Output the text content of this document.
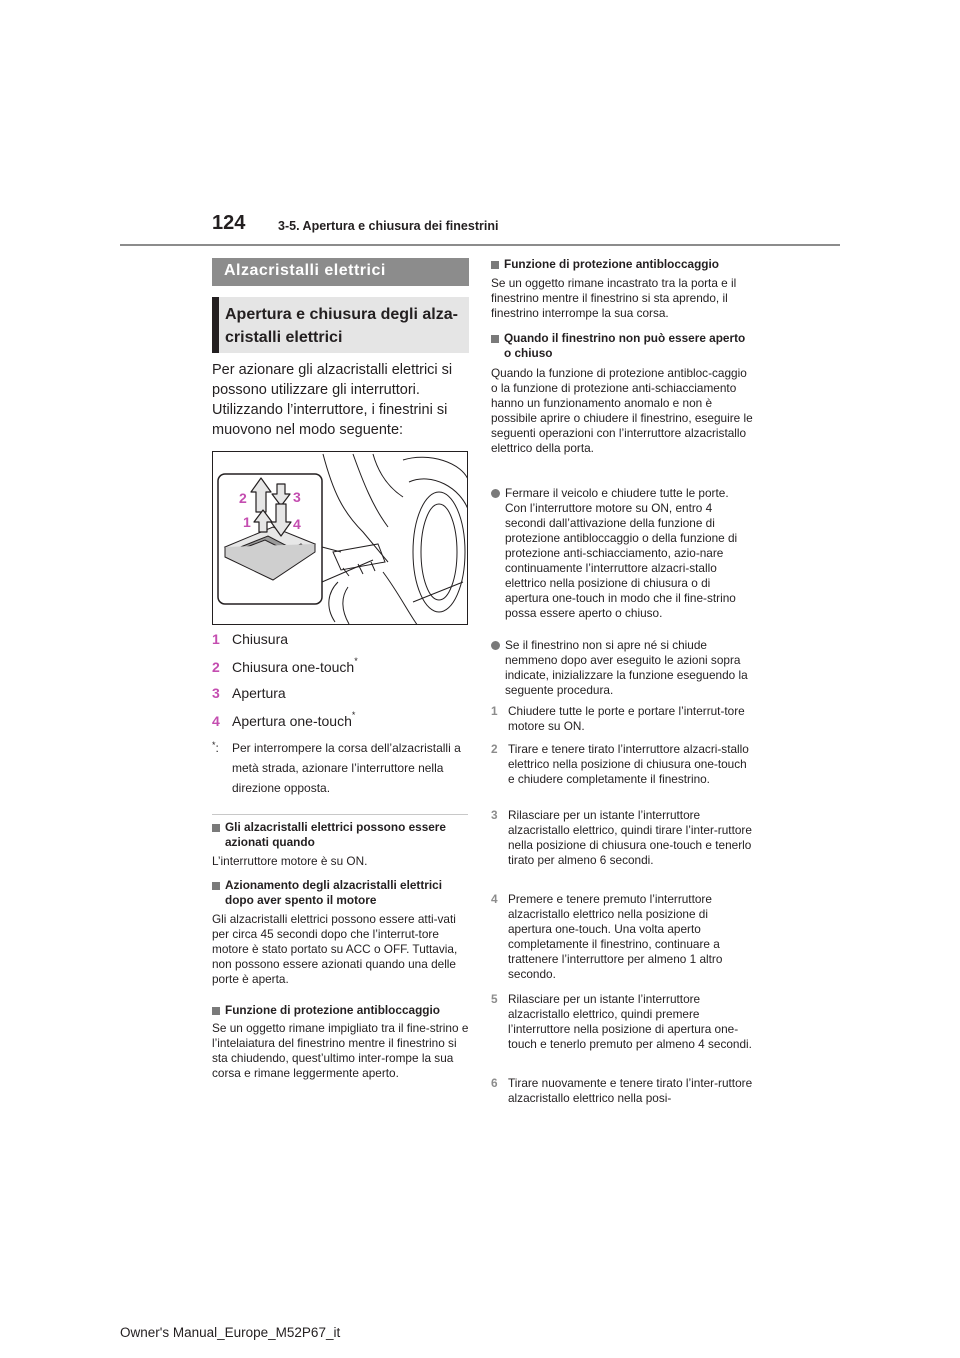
124	3-5. Apertura e chiusura dei finestrini
Alzacristalli elettrici
Apertura e chiusura degli alza-cristalli elettrici
Per azionare gli alzacristalli elettrici si possono utilizzare gli interruttori. Utilizzando l’interruttore, i finestrini si muovono nel modo seguente:
2
1
3
4
1 Chiusura
2 Chiusura one-touch*
3 Apertura
4 Apertura one-touch*
*:	Per interrompere la corsa dell’alzacristalli a metà strada, azionare l’interruttore nella direzione opposta.
Gli alzacristalli elettrici possono essere azionati quando
L’interruttore motore è su ON.
Azionamento degli alzacristalli elettrici dopo aver spento il motore
Gli alzacristalli elettrici possono essere atti-vati per circa 45 secondi dopo che l’interrut-tore motore è stato portato su ACC o OFF. Tuttavia, non possono essere azionati quando una delle porte è aperta.
Funzione di protezione antibloccaggio
Se un oggetto rimane impigliato tra il fine-strino e l’intelaiatura del finestrino mentre il finestrino si sta chiudendo, quest’ultimo inter-rompe la sua corsa e rimane leggermente aperto.
Funzione di protezione antibloccaggio
Se un oggetto rimane incastrato tra la porta e il finestrino mentre il finestrino si sta aprendo, il finestrino interrompe la sua corsa.
Quando il finestrino non può essere aperto o chiuso
Quando la funzione di protezione antibloc-caggio o la funzione di protezione anti-schiacciamento hanno un funzionamento anomalo e non è possibile aprire o chiudere il finestrino, eseguire le seguenti operazioni con l’interruttore alzacristallo elettrico della porta.
Fermare il veicolo e chiudere tutte le porte. Con l’interruttore motore su ON, entro 4 secondi dall’attivazione della funzione di protezione antibloccaggio o della funzione di protezione anti-schiacciamento, azio-nare continuamente l’interruttore alzacri-stallo elettrico nella posizione di chiusura o di apertura one-touch in modo che il fine-strino possa essere aperto o chiuso.
Se il finestrino non si apre né si chiude nemmeno dopo aver eseguito le azioni sopra indicate, inizializzare la funzione eseguendo la seguente procedura.
1 Chiudere tutte le porte e portare l’interrut-tore motore su ON.
2 Tirare e tenere tirato l’interruttore alzacri-stallo elettrico nella posizione di chiusura one-touch e chiudere completamente il finestrino.
3 Rilasciare per un istante l’interruttore alzacristallo elettrico, quindi tirare l’inter-ruttore nella posizione di chiusura one-touch e tenerlo tirato per almeno 6 secondi.
4 Premere e tenere premuto l’interruttore alzacristallo elettrico nella posizione di apertura one-touch. Una volta aperto completamente il finestrino, continuare a trattenere l’interruttore per almeno 1 altro secondo.
5 Rilasciare per un istante l’interruttore alzacristallo elettrico, quindi premere l’interruttore nella posizione di apertura one-touch e tenerlo premuto per almeno 4 secondi.
6 Tirare nuovamente e tenere tirato l’inter-ruttore alzacristallo elettrico nella posi-
Owner's Manual_Europe_M52P67_it
